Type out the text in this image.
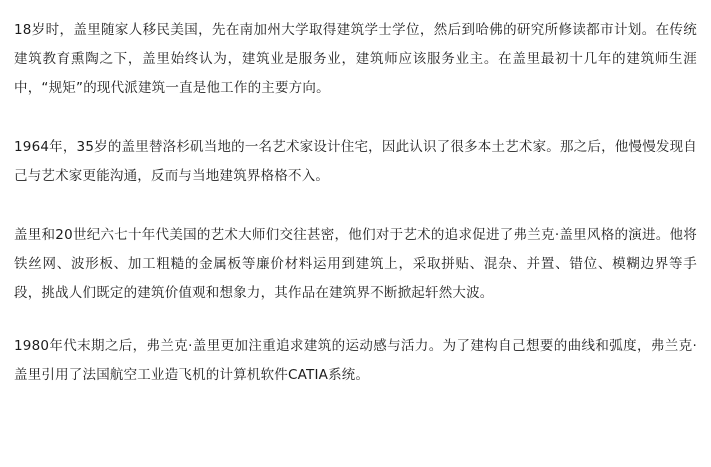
18岁时，盖里随家人移民美国，先在南加州大学取得建筑学士学位，然后到哈佛的研究所修读都市计划。在传统建筑教育熏陶之下，盖里始终认为，建筑业是服务业，建筑师应该服务业主。在盖里最初十几年的建筑师生涯中，“规矩”的现代派建筑一直是他工作的主要方向。

1964年，35岁的盖里替洛杉矶当地的一名艺术家设计住宅，因此认识了很多本土艺术家。那之后，他慢慢发现自己与艺术家更能沟通，反而与当地建筑界格格不入。

盖里和20世纪六七十年代美国的艺术大师们交往甚密，他们对于艺术的追求促进了弗兰克·盖里风格的演进。他将铁丝网、波形板、加工粗糙的金属板等廉价材料运用到建筑上，采取拼贴、混杂、并置、错位、模糊边界等手段，挑战人们既定的建筑价值观和想象力，其作品在建筑界不断掀起轩然大波。

1980年代末期之后，弗兰克·盖里更加注重追求建筑的运动感与活力。为了建构自己想要的曲线和弧度，弗兰克·盖里引用了法国航空工业造飞机的计算机软件CATIA系统。
